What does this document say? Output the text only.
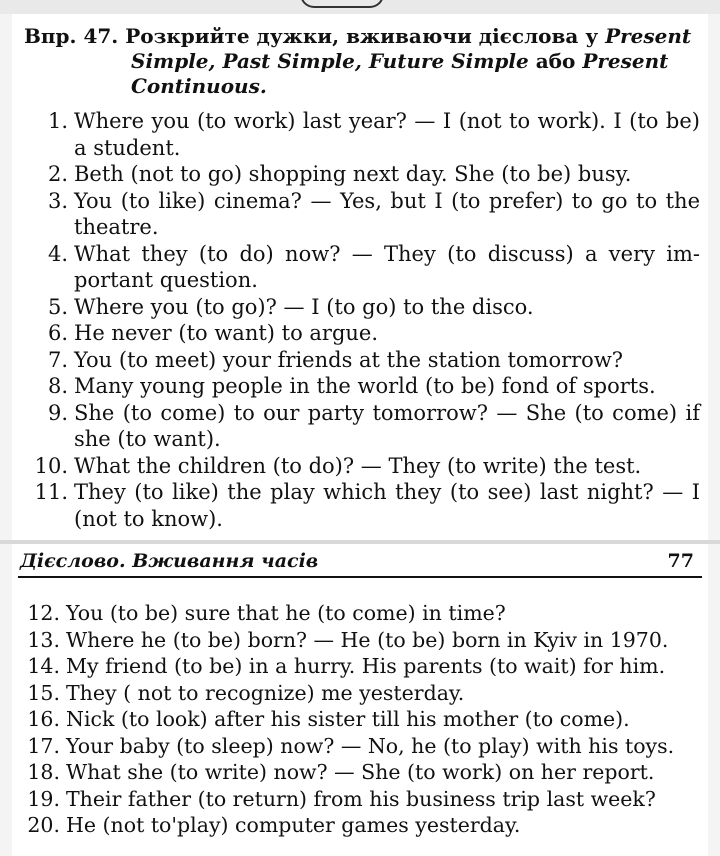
Впр. 47. Розкрийте дужки, вживаючи дієслова у Present
Simple, Past Simple, Future Simple або Present
Continuous.
1. Where you (to work) last year? — I (not to work). I (to be) a student.
2. Beth (not to go) shopping next day. She (to be) busy.
3. You (to like) cinema? — Yes, but I (to prefer) to go to the theatre.
4. What they (to do) now? — They (to discuss) a very im-portant question.
5. Where you (to go)? — I (to go) to the disco.
6. He never (to want) to argue.
7. You (to meet) your friends at the station tomorrow?
8. Many young people in the world (to be) fond of sports.
9. She (to come) to our party tomorrow? — She (to come) if she (to want).
10. What the children (to do)? — They (to write) the test.
11. They (to like) the play which they (to see) last night? — I (not to know).
Дієслово. Вживання часів	77
12. You (to be) sure that he (to come) in time?
13. Where he (to be) born? — He (to be) born in Kyiv in 1970.
14. My friend (to be) in a hurry. His parents (to wait) for him.
15. They ( not to recognize) me yesterday.
16. Nick (to look) after his sister till his mother (to come).
17. Your baby (to sleep) now? — No, he (to play) with his toys.
18. What she (to write) now? — She (to work) on her report.
19. Their father (to return) from his business trip last week?
20. He (not to'play) computer games yesterday.
